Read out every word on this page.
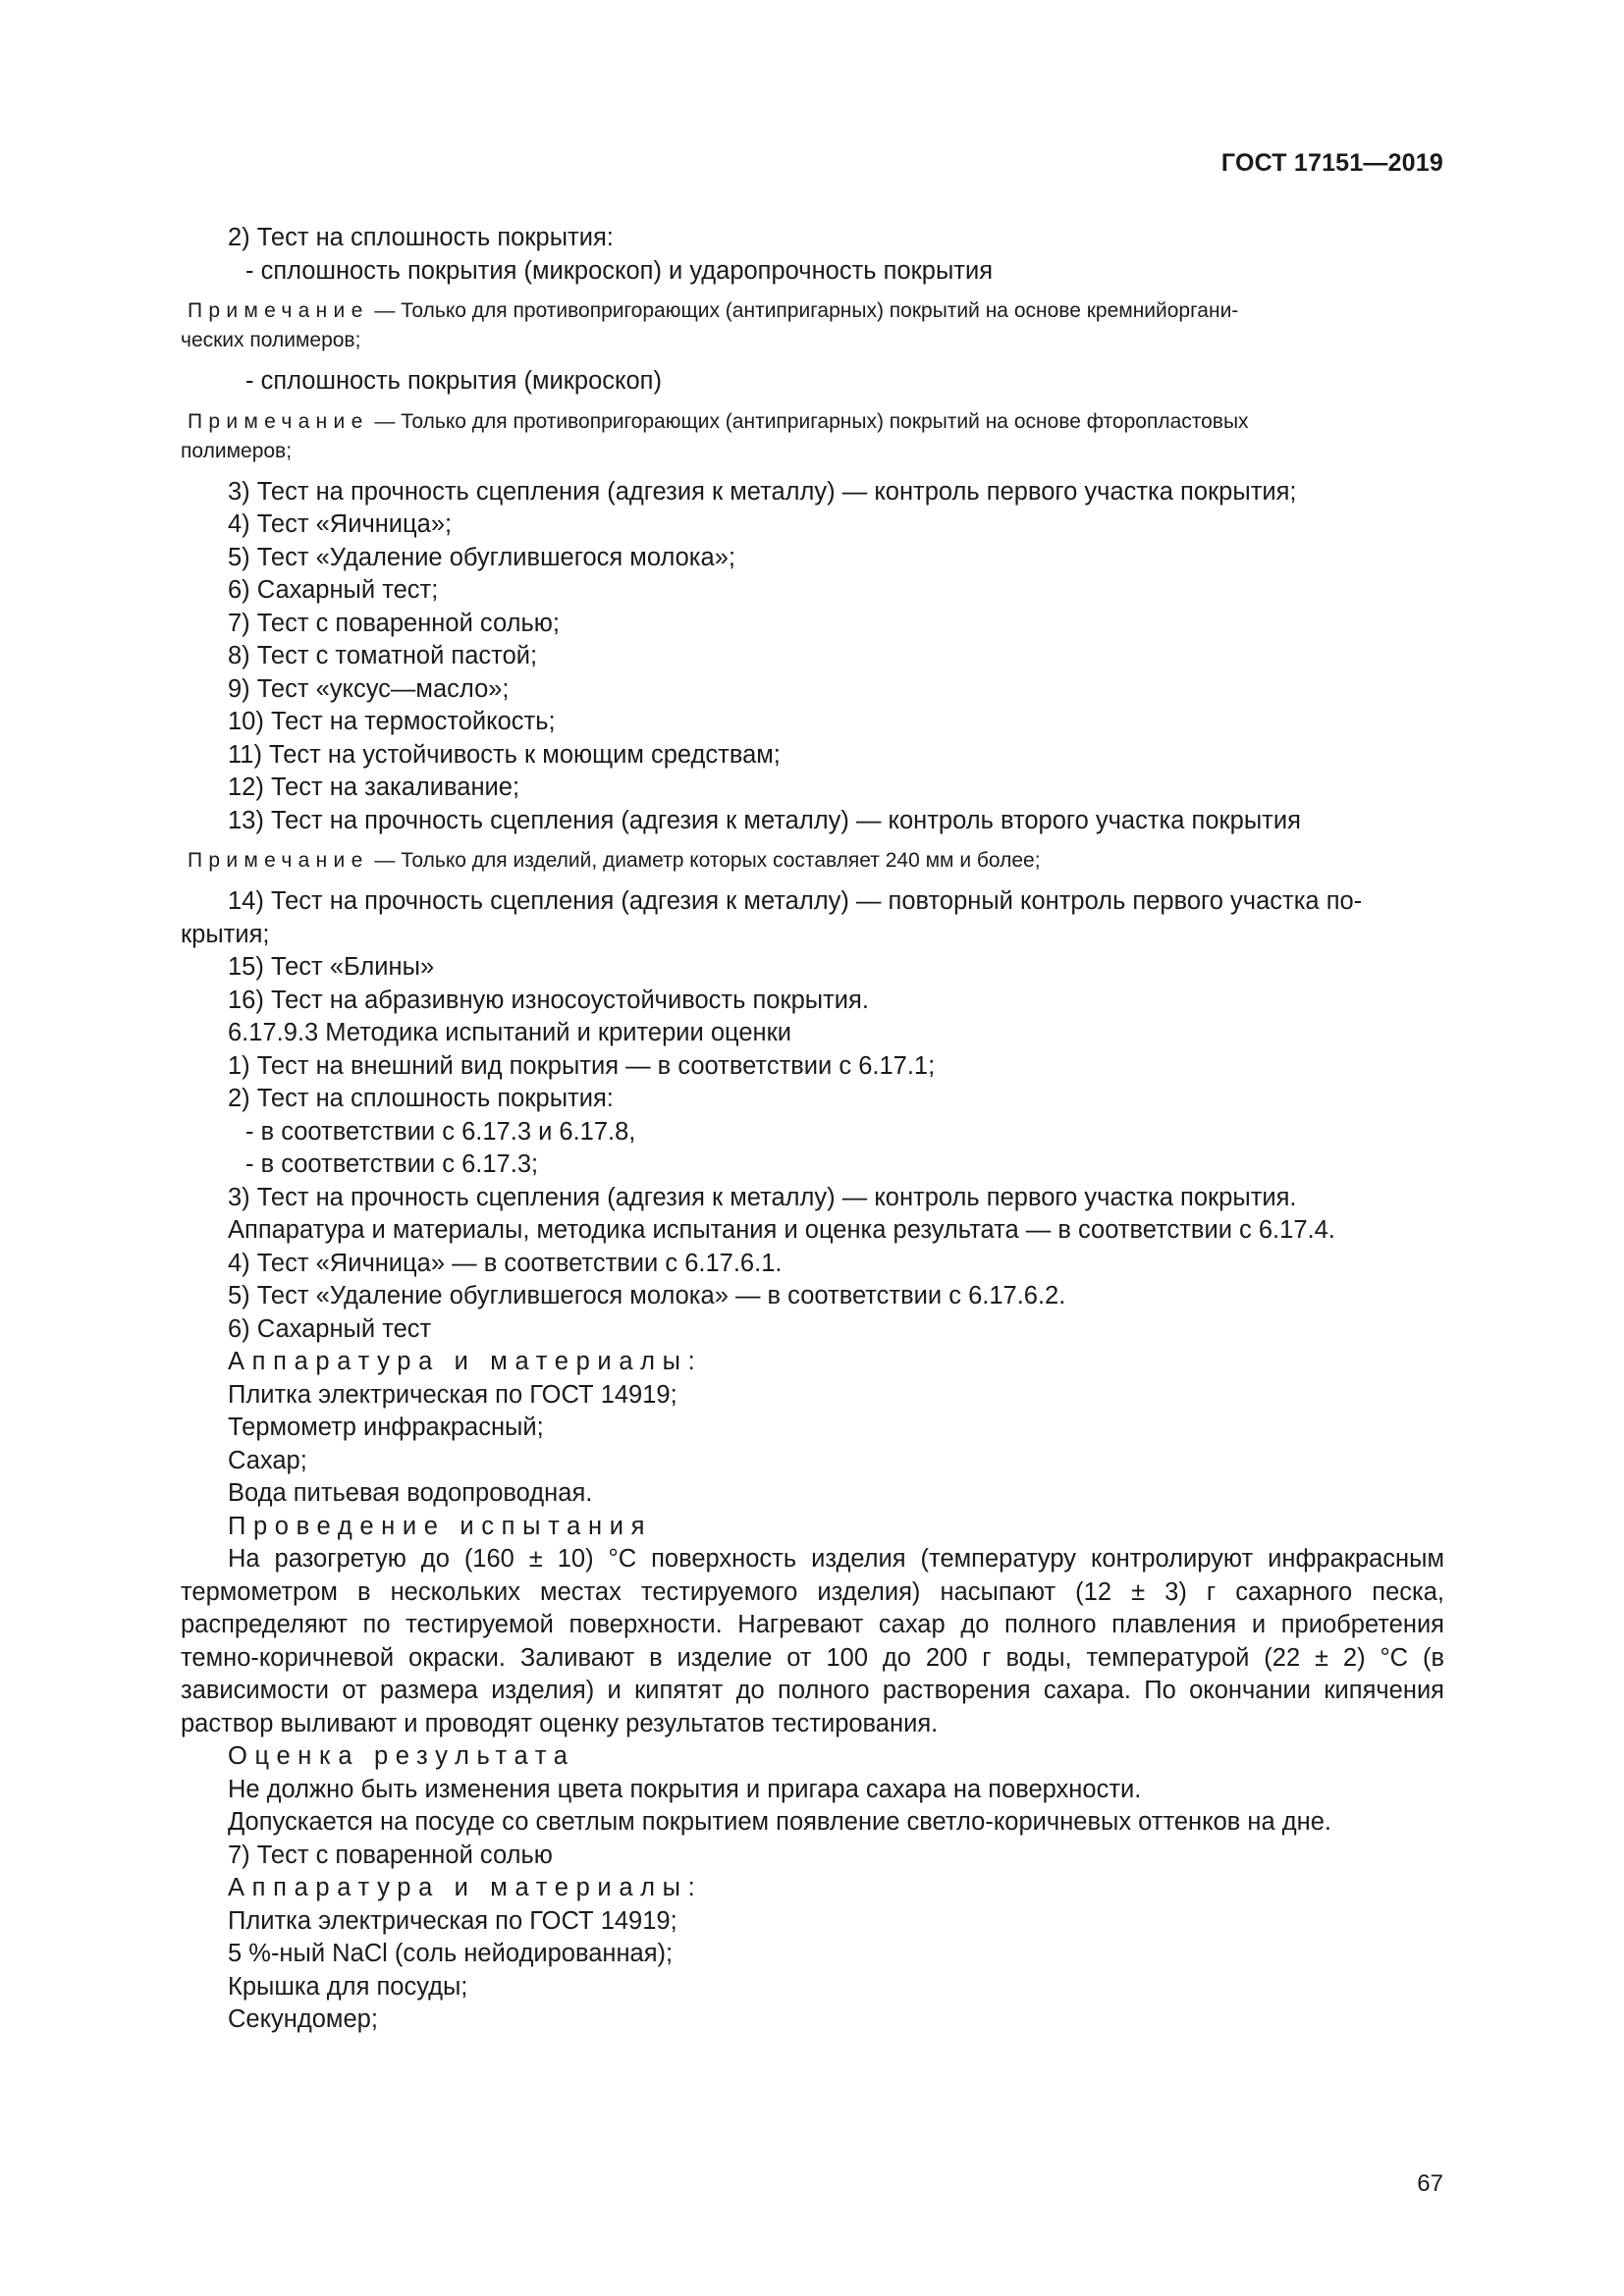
ГОСТ 17151—2019
2) Тест на сплошность покрытия:
- сплошность покрытия (микроскоп) и ударопрочность покрытия
Примечание — Только для противопригорающих (антипригарных) покрытий на основе кремнийоргани-
ческих полимеров;
- сплошность покрытия (микроскоп)
Примечание — Только для противопригорающих (антипригарных) покрытий на основе фторопластовых
полимеров;
3) Тест на прочность сцепления (адгезия к металлу) — контроль первого участка покрытия;
4) Тест «Яичница»;
5) Тест «Удаление обуглившегося молока»;
6) Сахарный тест;
7) Тест с поваренной солью;
8) Тест с томатной пастой;
9) Тест «уксус—масло»;
10) Тест на термостойкость;
11) Тест на устойчивость к моющим средствам;
12) Тест на закаливание;
13) Тест на прочность сцепления (адгезия к металлу) — контроль второго участка покрытия
Примечание — Только для изделий, диаметр которых составляет 240 мм и более;
14) Тест на прочность сцепления (адгезия к металлу) — повторный контроль первого участка по-
крытия;
15) Тест «Блины»
16) Тест на абразивную износоустойчивость покрытия.
6.17.9.3 Методика испытаний и критерии оценки
1) Тест на внешний вид покрытия — в соответствии с 6.17.1;
2) Тест на сплошность покрытия:
- в соответствии с 6.17.3 и 6.17.8,
- в соответствии с 6.17.3;
3) Тест на прочность сцепления (адгезия к металлу) — контроль первого участка покрытия.
Аппаратура и материалы, методика испытания и оценка результата — в соответствии с 6.17.4.
4) Тест «Яичница» — в соответствии с 6.17.6.1.
5) Тест «Удаление обуглившегося молока» — в соответствии с 6.17.6.2.
6) Сахарный тест
Аппаратура и материалы:
Плитка электрическая по ГОСТ 14919;
Термометр инфракрасный;
Сахар;
Вода питьевая водопроводная.
Проведение испытания
На разогретую до (160 ± 10) °С поверхность изделия (температуру контролируют инфракрасным термометром в нескольких местах тестируемого изделия) насыпают (12 ± 3) г сахарного песка, распределяют по тестируемой поверхности. Нагревают сахар до полного плавления и приобретения темно-коричневой окраски. Заливают в изделие от 100 до 200 г воды, температурой (22 ± 2) °С (в зависимости от размера изделия) и кипятят до полного растворения сахара. По окончании кипячения раствор выливают и проводят оценку результатов тестирования.
Оценка результата
Не должно быть изменения цвета покрытия и пригара сахара на поверхности.
Допускается на посуде со светлым покрытием появление светло-коричневых оттенков на дне.
7) Тест с поваренной солью
Аппаратура и материалы:
Плитка электрическая по ГОСТ 14919;
5 %-ный NaCl (соль нейодированная);
Крышка для посуды;
Секундомер;
67
